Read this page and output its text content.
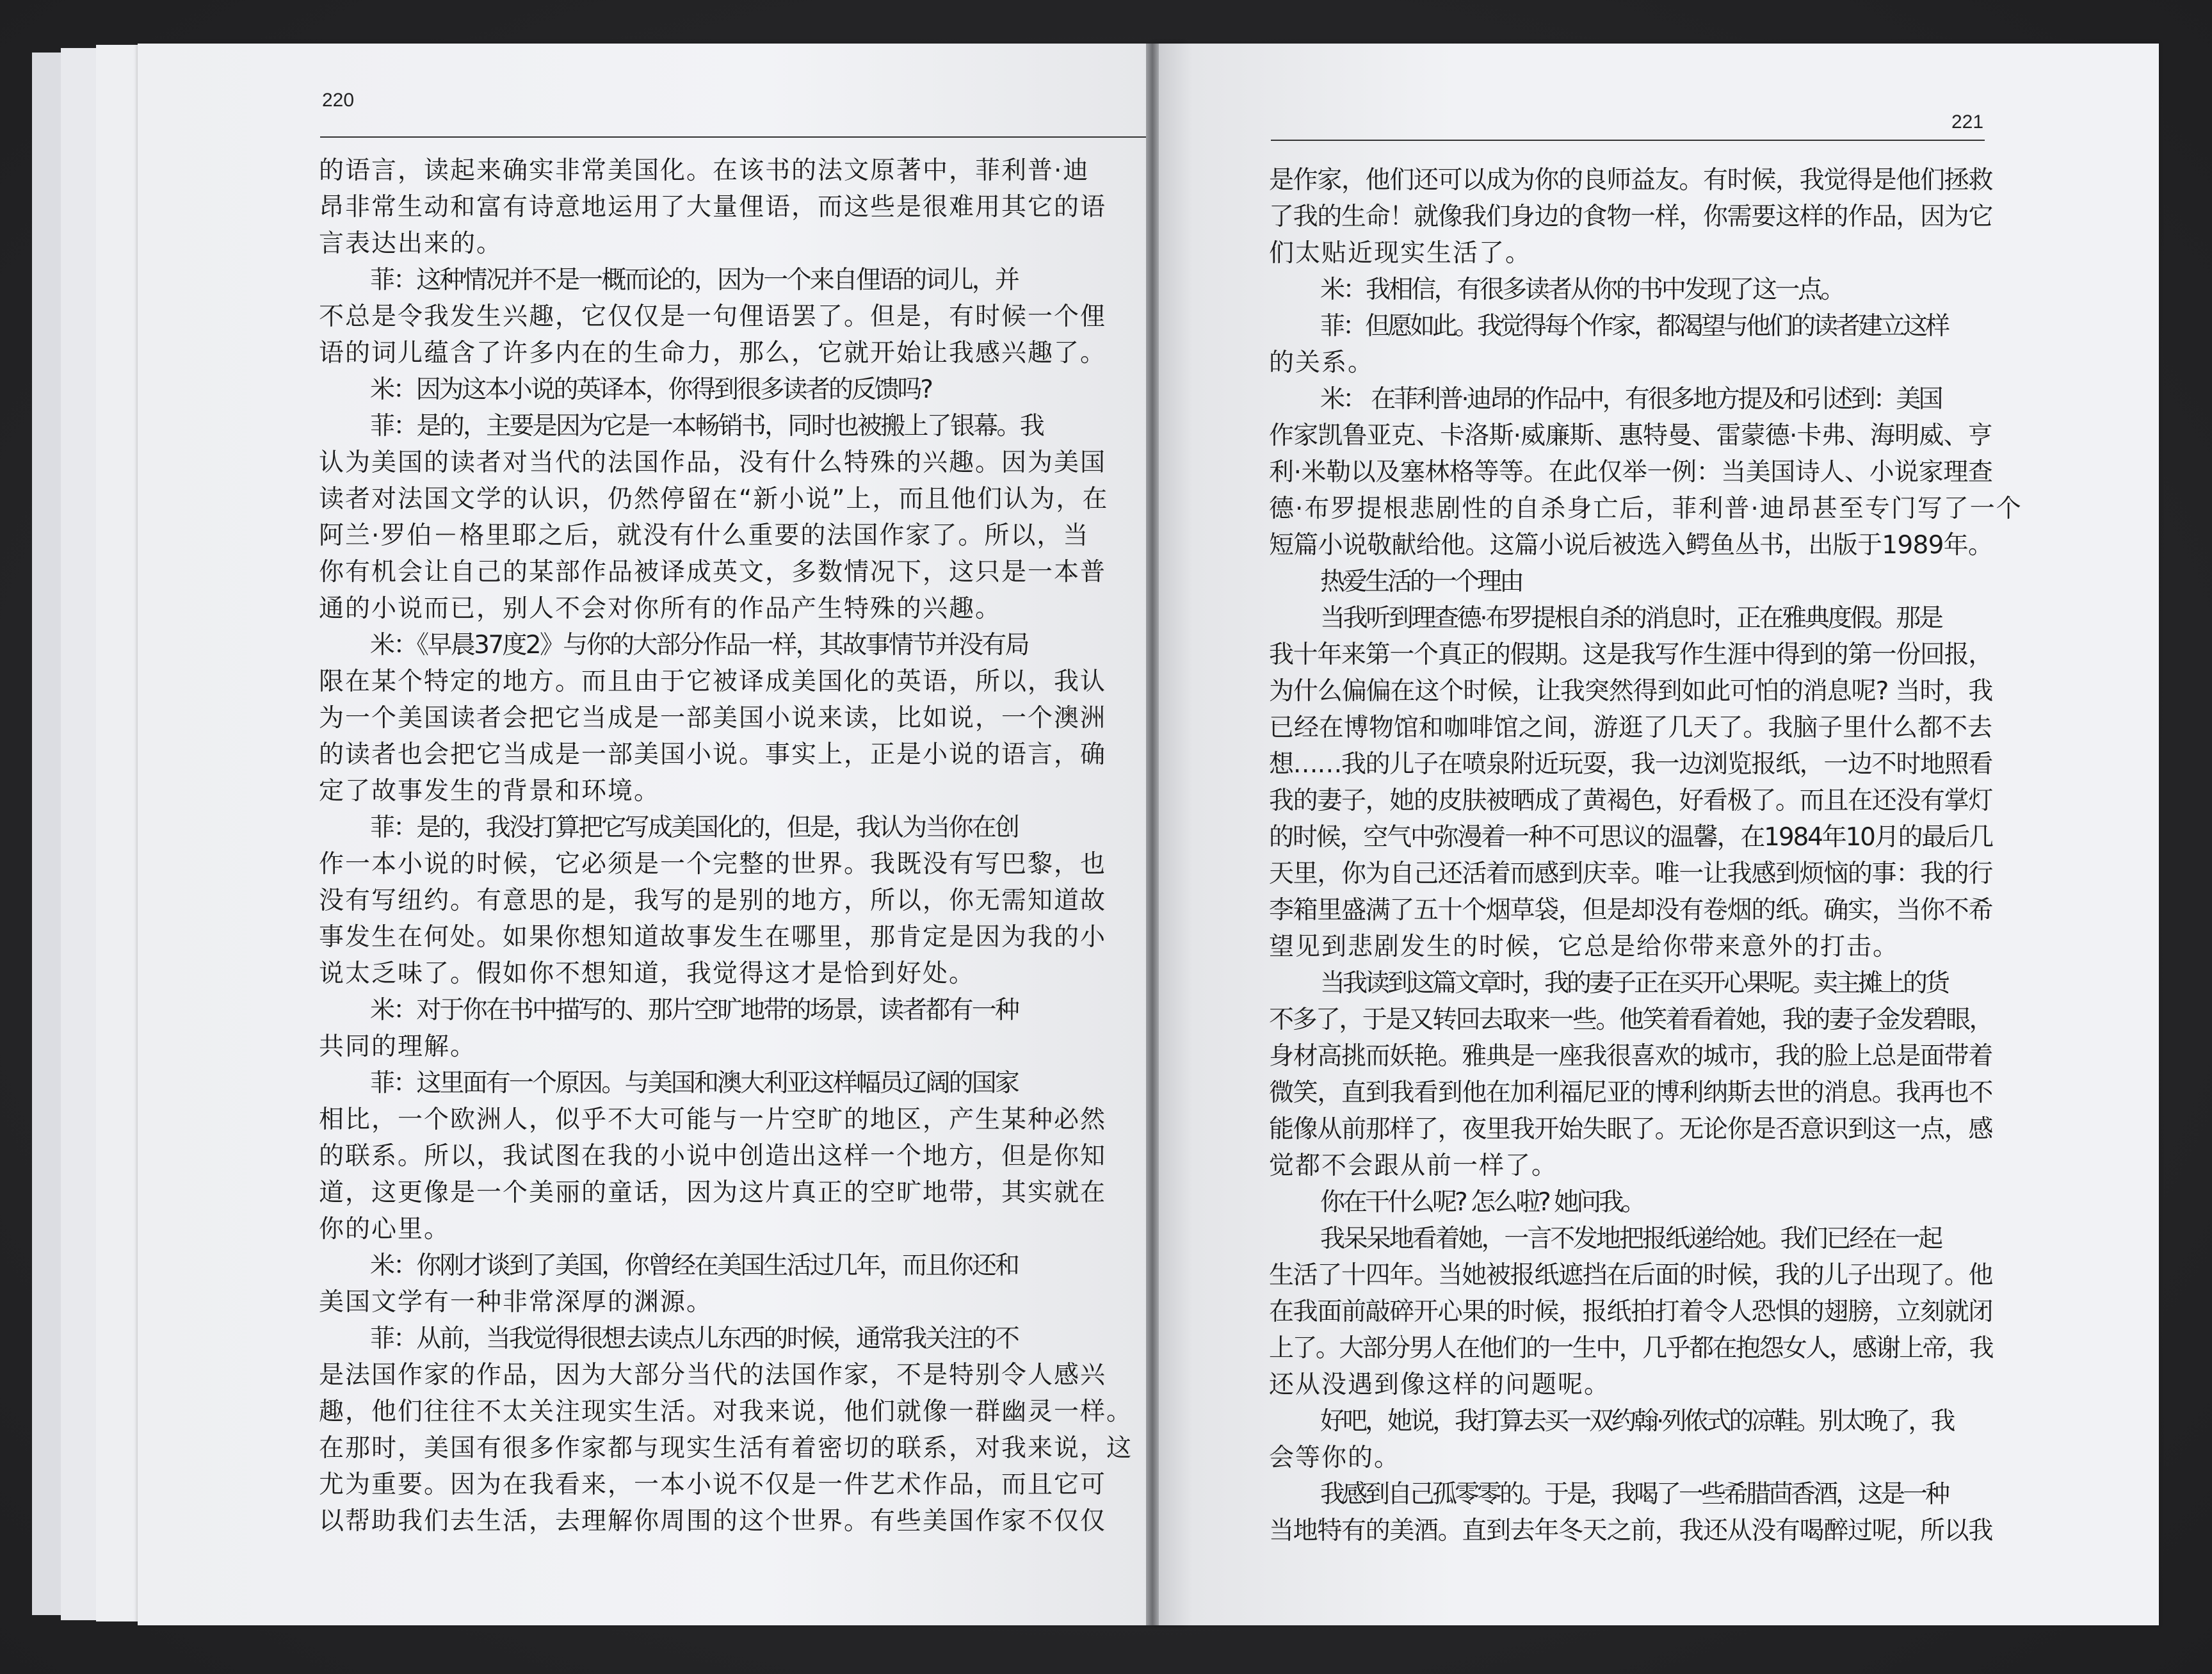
220

的语言，读起来确实非常美国化。在该书的法文原著中，菲利普·迪

昂非常生动和富有诗意地运用了大量俚语，而这些是很难用其它的语

言表达出来的。

菲：这种情况并不是一概而论的，因为一个来自俚语的词儿，并

不总是令我发生兴趣，它仅仅是一句俚语罢了。但是，有时候一个俚

语的词儿蕴含了许多内在的生命力，那么，它就开始让我感兴趣了。

米：因为这本小说的英译本，你得到很多读者的反馈吗?

菲：是的，主要是因为它是一本畅销书，同时也被搬上了银幕。我

认为美国的读者对当代的法国作品，没有什么特殊的兴趣。因为美国

读者对法国文学的认识，仍然停留在“新小说”上，而且他们认为，在

阿兰·罗伯－格里耶之后，就没有什么重要的法国作家了。所以，当

你有机会让自己的某部作品被译成英文，多数情况下，这只是一本普

通的小说而已，别人不会对你所有的作品产生特殊的兴趣。

米：《早晨37度2》与你的大部分作品一样，其故事情节并没有局

限在某个特定的地方。而且由于它被译成美国化的英语，所以，我认

为一个美国读者会把它当成是一部美国小说来读，比如说，一个澳洲

的读者也会把它当成是一部美国小说。事实上，正是小说的语言，确

定了故事发生的背景和环境。

菲：是的，我没打算把它写成美国化的，但是，我认为当你在创

作一本小说的时候，它必须是一个完整的世界。我既没有写巴黎，也

没有写纽约。有意思的是，我写的是别的地方，所以，你无需知道故

事发生在何处。如果你想知道故事发生在哪里，那肯定是因为我的小

说太乏味了。假如你不想知道，我觉得这才是恰到好处。

米：对于你在书中描写的、那片空旷地带的场景，读者都有一种

共同的理解。

菲：这里面有一个原因。与美国和澳大利亚这样幅员辽阔的国家

相比，一个欧洲人，似乎不大可能与一片空旷的地区，产生某种必然

的联系。所以，我试图在我的小说中创造出这样一个地方，但是你知

道，这更像是一个美丽的童话，因为这片真正的空旷地带，其实就在

你的心里。

米：你刚才谈到了美国，你曾经在美国生活过几年，而且你还和

美国文学有一种非常深厚的渊源。

菲：从前，当我觉得很想去读点儿东西的时候，通常我关注的不

是法国作家的作品，因为大部分当代的法国作家，不是特别令人感兴

趣，他们往往不太关注现实生活。对我来说，他们就像一群幽灵一样。

在那时，美国有很多作家都与现实生活有着密切的联系，对我来说，这

尤为重要。因为在我看来，一本小说不仅是一件艺术作品，而且它可

以帮助我们去生活，去理解你周围的这个世界。有些美国作家不仅仅

221

是作家，他们还可以成为你的良师益友。有时候，我觉得是他们拯救

了我的生命！就像我们身边的食物一样，你需要这样的作品，因为它

们太贴近现实生活了。

米：我相信，有很多读者从你的书中发现了这一点。

菲：但愿如此。我觉得每个作家，都渴望与他们的读者建立这样

的关系。

米： 在菲利普·迪昂的作品中，有很多地方提及和引述到：美国

作家凯鲁亚克、卡洛斯·威廉斯、惠特曼、雷蒙德·卡弗、海明威、亨

利·米勒以及塞林格等等。在此仅举一例：当美国诗人、小说家理查

德·布罗提根悲剧性的自杀身亡后，菲利普·迪昂甚至专门写了一个

短篇小说敬献给他。这篇小说后被选入鳄鱼丛书，出版于1989年。

热爱生活的一个理由

当我听到理查德·布罗提根自杀的消息时，正在雅典度假。那是

我十年来第一个真正的假期。这是我写作生涯中得到的第一份回报，

为什么偏偏在这个时候，让我突然得到如此可怕的消息呢? 当时，我

已经在博物馆和咖啡馆之间，游逛了几天了。我脑子里什么都不去

想……我的儿子在喷泉附近玩耍，我一边浏览报纸，一边不时地照看

我的妻子，她的皮肤被晒成了黄褐色，好看极了。而且在还没有掌灯

的时候，空气中弥漫着一种不可思议的温馨，在1984年10月的最后几

天里，你为自己还活着而感到庆幸。唯一让我感到烦恼的事：我的行

李箱里盛满了五十个烟草袋，但是却没有卷烟的纸。确实，当你不希

望见到悲剧发生的时候，它总是给你带来意外的打击。

当我读到这篇文章时，我的妻子正在买开心果呢。卖主摊上的货

不多了，于是又转回去取来一些。他笑着看着她，我的妻子金发碧眼，

身材高挑而妖艳。雅典是一座我很喜欢的城市，我的脸上总是面带着

微笑，直到我看到他在加利福尼亚的博利纳斯去世的消息。我再也不

能像从前那样了，夜里我开始失眠了。无论你是否意识到这一点，感

觉都不会跟从前一样了。

你在干什么呢? 怎么啦? 她问我。

我呆呆地看着她，一言不发地把报纸递给她。我们已经在一起

生活了十四年。当她被报纸遮挡在后面的时候，我的儿子出现了。他

在我面前敲碎开心果的时候，报纸拍打着令人恐惧的翅膀，立刻就闭

上了。大部分男人在他们的一生中，几乎都在抱怨女人，感谢上帝，我

还从没遇到像这样的问题呢。

好吧，她说，我打算去买一双约翰·列侬式的凉鞋。别太晚了，我

会等你的。

我感到自己孤零零的。于是，我喝了一些希腊茴香酒，这是一种

当地特有的美酒。直到去年冬天之前，我还从没有喝醉过呢，所以我
